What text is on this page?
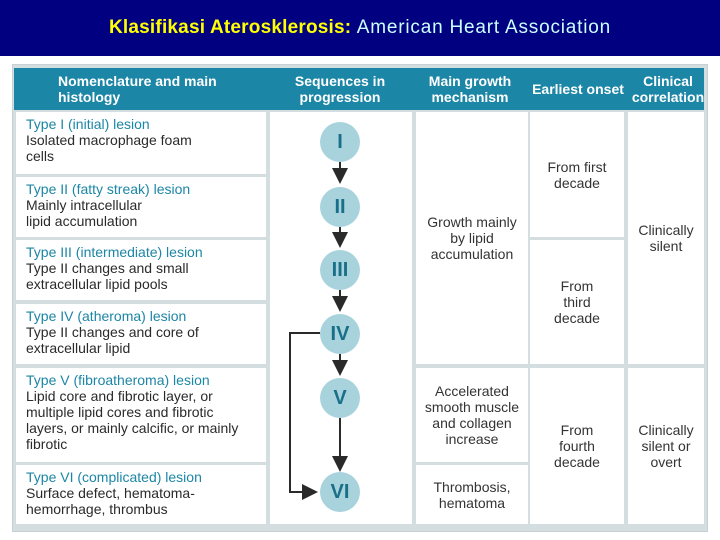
Klasifikasi Aterosklerosis: American Heart Association
Nomenclature and main histology
Sequences in progression
Main growth mechanism	Earliest onset	Clinical correlation
Type I (initial) lesion
Isolated macrophage foam cells
Type II (fatty streak) lesion
Mainly intracellular lipid accumulation
Type III (intermediate) lesion
Type II changes and small extracellular lipid pools
Type IV (atheroma) lesion
Type II changes and core of extracellular lipid
Type V (fibroatheroma) lesion
Lipid core and fibrotic layer, or multiple lipid cores and fibrotic layers, or mainly calcific, or mainly fibrotic
Type VI (complicated) lesion
Surface defect, hematoma-hemorrhage, thrombus
Growth mainly by lipid accumulation
Accelerated smooth muscle and collagen increase
Thrombosis, hematoma
From first decade
From third decade
From fourth decade
Clinically silent
Clinically silent or overt
I
II
III
IV
V
VI
